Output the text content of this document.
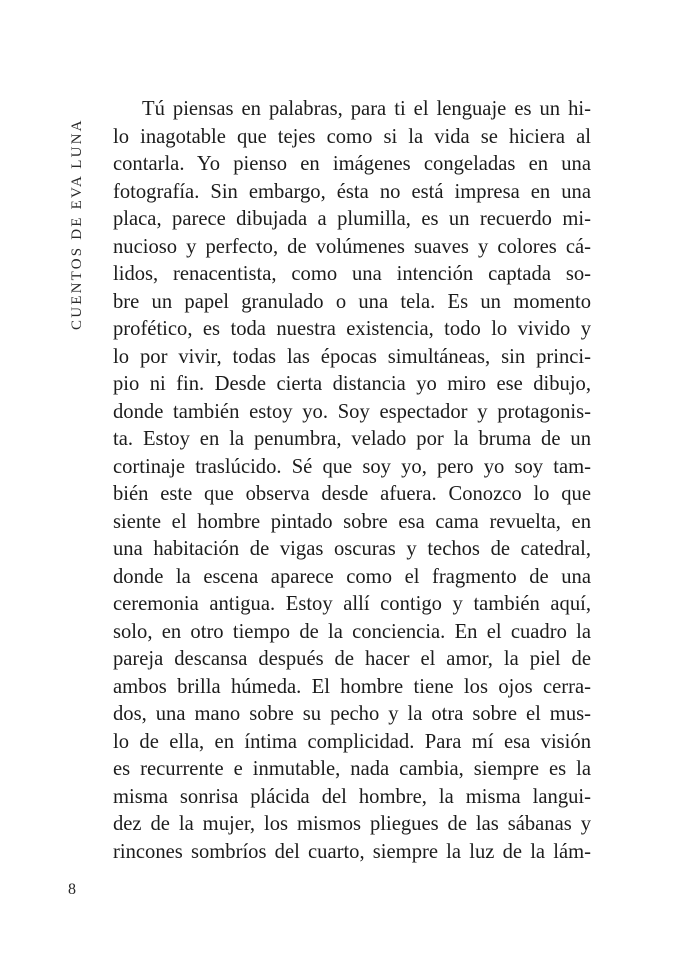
CUENTOS DE EVA LUNA
Tú piensas en palabras, para ti el lenguaje es un hi-
lo inagotable que tejes como si la vida se hiciera al
contarla. Yo pienso en imágenes congeladas en una
fotografía. Sin embargo, ésta no está impresa en una
placa, parece dibujada a plumilla, es un recuerdo mi-
nucioso y perfecto, de volúmenes suaves y colores cá-
lidos, renacentista, como una intención captada so-
bre un papel granulado o una tela. Es un momento
profético, es toda nuestra existencia, todo lo vivido y
lo por vivir, todas las épocas simultáneas, sin princi-
pio ni fin. Desde cierta distancia yo miro ese dibujo,
donde también estoy yo. Soy espectador y protagonis-
ta. Estoy en la penumbra, velado por la bruma de un
cortinaje traslúcido. Sé que soy yo, pero yo soy tam-
bién este que observa desde afuera. Conozco lo que
siente el hombre pintado sobre esa cama revuelta, en
una habitación de vigas oscuras y techos de catedral,
donde la escena aparece como el fragmento de una
ceremonia antigua. Estoy allí contigo y también aquí,
solo, en otro tiempo de la conciencia. En el cuadro la
pareja descansa después de hacer el amor, la piel de
ambos brilla húmeda. El hombre tiene los ojos cerra-
dos, una mano sobre su pecho y la otra sobre el mus-
lo de ella, en íntima complicidad. Para mí esa visión
es recurrente e inmutable, nada cambia, siempre es la
misma sonrisa plácida del hombre, la misma langui-
dez de la mujer, los mismos pliegues de las sábanas y
rincones sombríos del cuarto, siempre la luz de la lám-
8
